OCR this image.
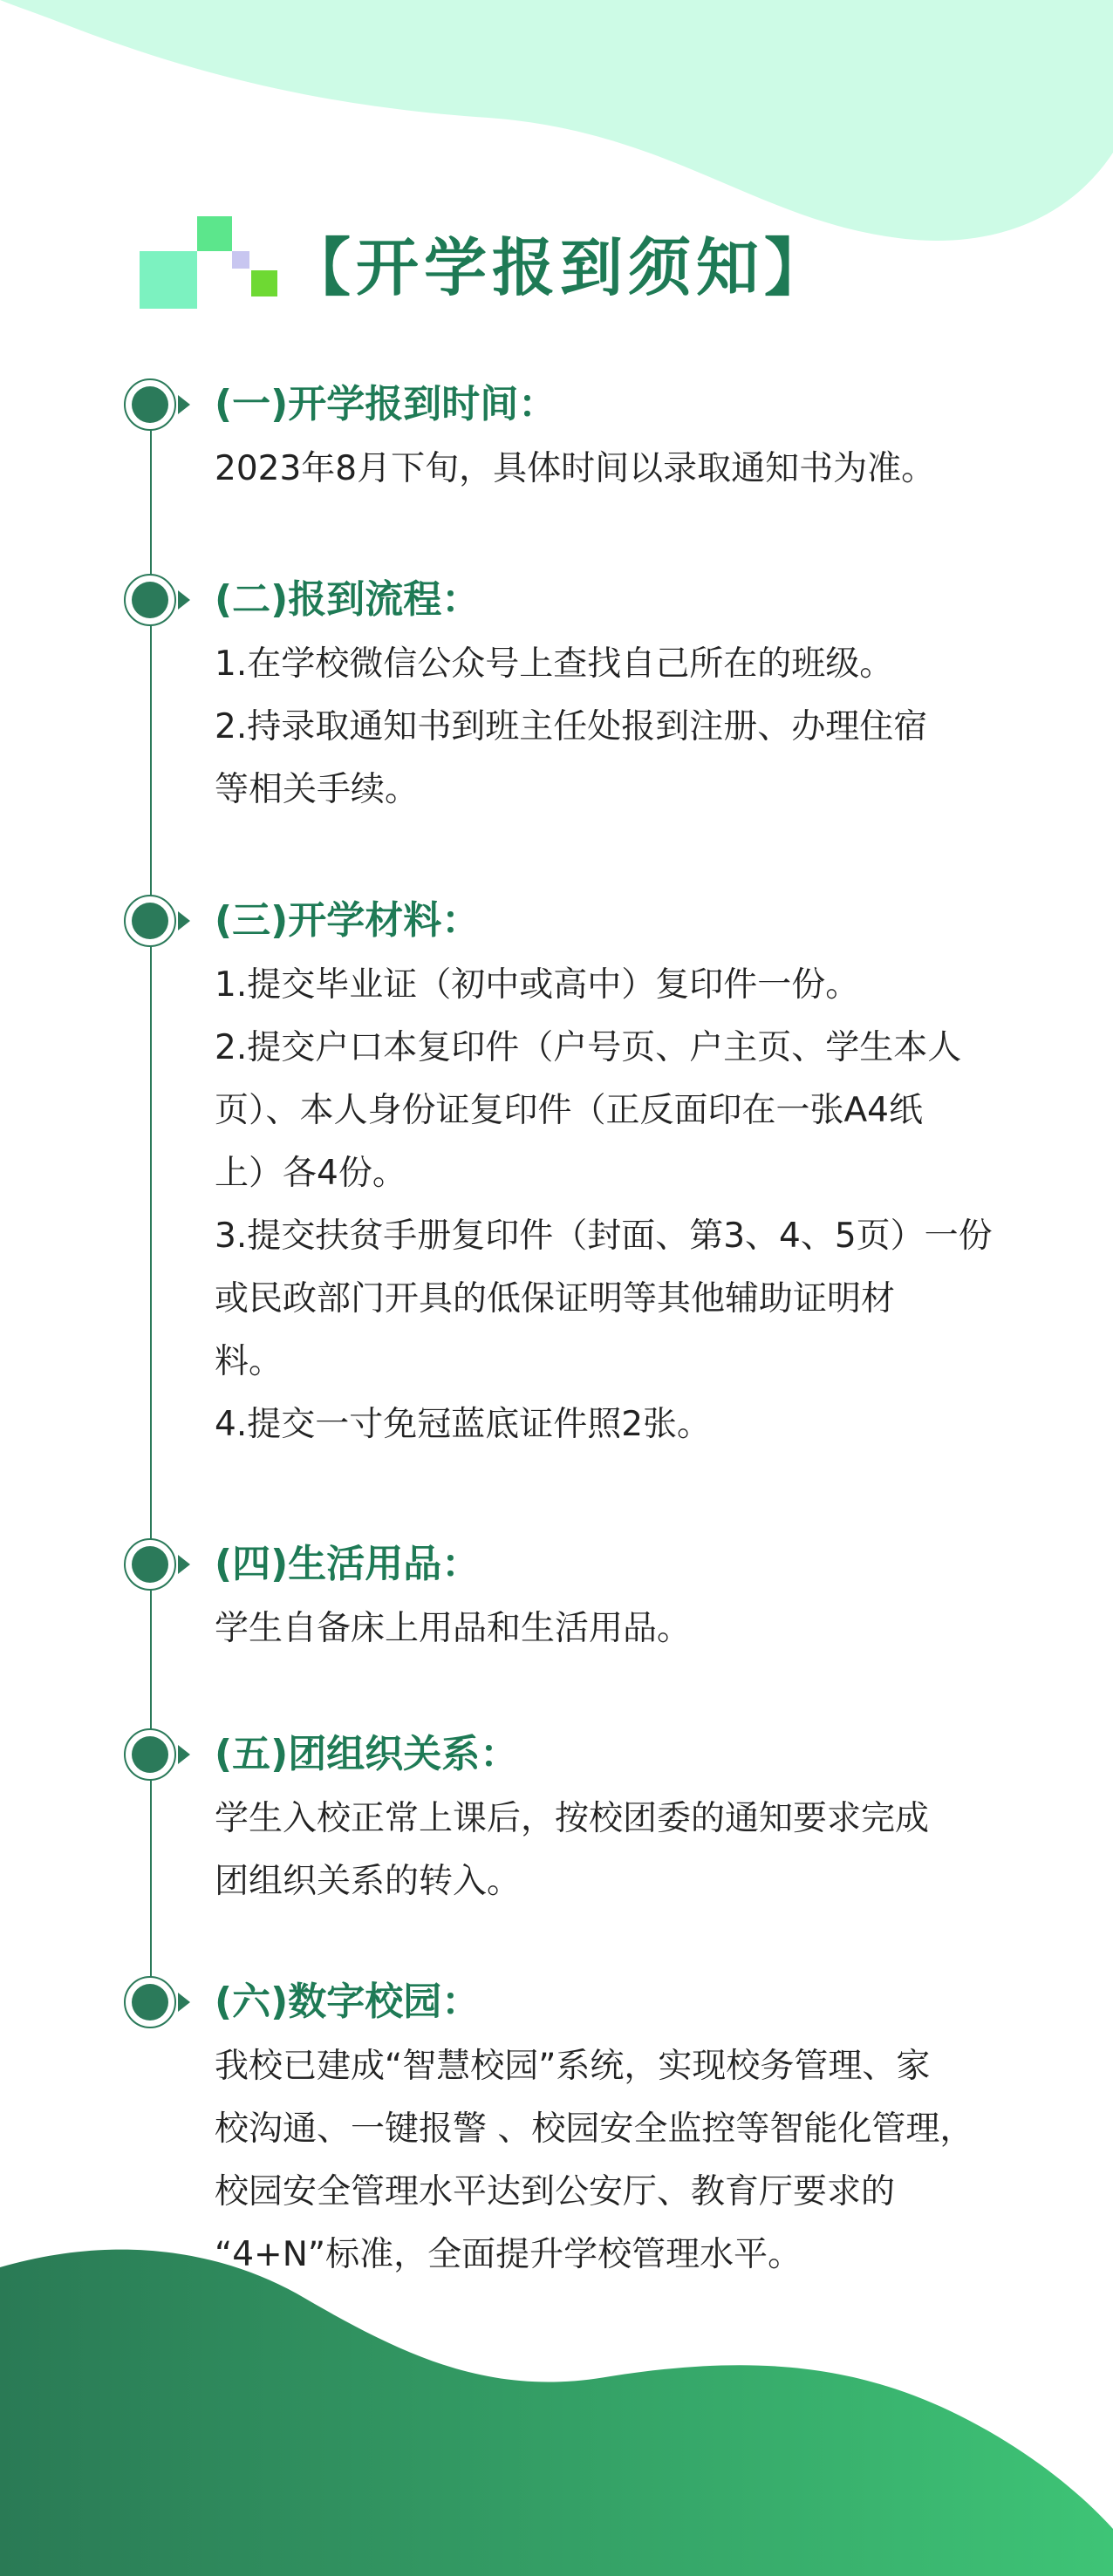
【开学报到须知】
(一)开学报到时间：

2023年8月下旬，具体时间以录取通知书为准。

(二)报到流程：

1.在学校微信公众号上查找自己所在的班级。

2.持录取通知书到班主任处报到注册、办理住宿

等相关手续。

(三)开学材料：

1.提交毕业证（初中或高中）复印件一份。

2.提交户口本复印件（户号页、户主页、学生本人

页）、本人身份证复印件（正反面印在一张A4纸

上）各4份。

3.提交扶贫手册复印件（封面、第3、4、5页）一份

或民政部门开具的低保证明等其他辅助证明材

料。

4.提交一寸免冠蓝底证件照2张。

(四)生活用品：

学生自备床上用品和生活用品。

(五)团组织关系：

学生入校正常上课后，按校团委的通知要求完成

团组织关系的转入。

(六)数字校园：

我校已建成“智慧校园”系统，实现校务管理、家

校沟通、一键报警 、校园安全监控等智能化管理，

校园安全管理水平达到公安厅、教育厅要求的

“4+N”标准，全面提升学校管理水平。
